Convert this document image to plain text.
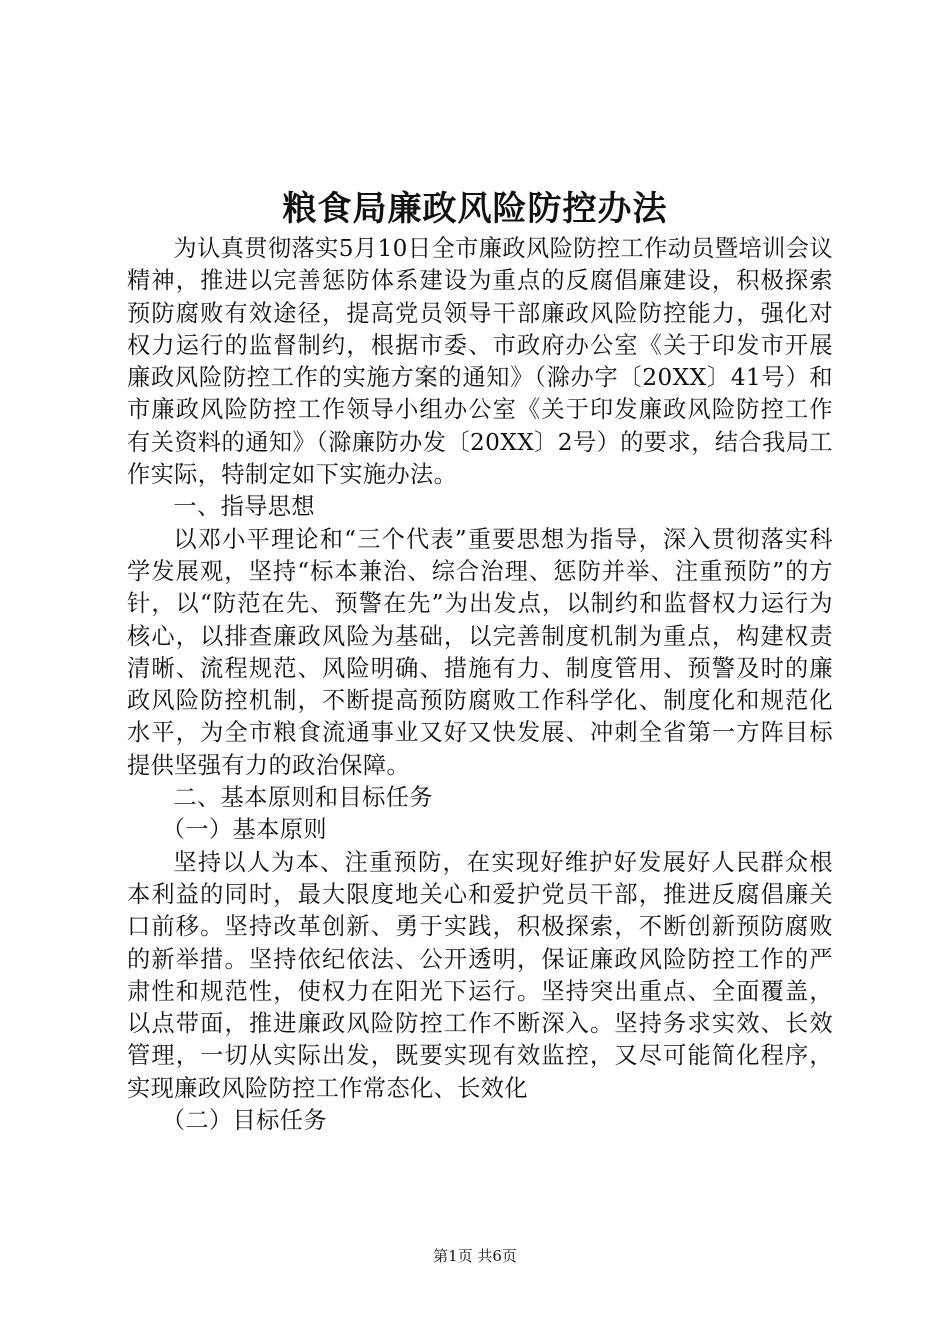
粮食局廉政风险防控办法

为认真贯彻落实5月10日全市廉政风险防控工作动员暨培训会议精神，推进以完善惩防体系建设为重点的反腐倡廉建设，积极探索预防腐败有效途径，提高党员领导干部廉政风险防控能力，强化对权力运行的监督制约，根据市委、市政府办公室《关于印发市开展廉政风险防控工作的实施方案的通知》（滁办字〔20XX〕41号）和市廉政风险防控工作领导小组办公室《关于印发廉政风险防控工作有关资料的通知》（滁廉防办发〔20XX〕2号）的要求，结合我局工作实际，特制定如下实施办法。

一、指导思想

以邓小平理论和“三个代表”重要思想为指导，深入贯彻落实科学发展观，坚持“标本兼治、综合治理、惩防并举、注重预防”的方针，以“防范在先、预警在先”为出发点，以制约和监督权力运行为核心，以排查廉政风险为基础，以完善制度机制为重点，构建权责清晰、流程规范、风险明确、措施有力、制度管用、预警及时的廉政风险防控机制，不断提高预防腐败工作科学化、制度化和规范化水平，为全市粮食流通事业又好又快发展、冲刺全省第一方阵目标提供坚强有力的政治保障。

二、基本原则和目标任务

（一）基本原则

坚持以人为本、注重预防，在实现好维护好发展好人民群众根本利益的同时，最大限度地关心和爱护党员干部，推进反腐倡廉关口前移。坚持改革创新、勇于实践，积极探索，不断创新预防腐败的新举措。坚持依纪依法、公开透明，保证廉政风险防控工作的严肃性和规范性，使权力在阳光下运行。坚持突出重点、全面覆盖，以点带面，推进廉政风险防控工作不断深入。坚持务求实效、长效管理，一切从实际出发，既要实现有效监控，又尽可能简化程序，实现廉政风险防控工作常态化、长效化

（二）目标任务

第1页 共6页
